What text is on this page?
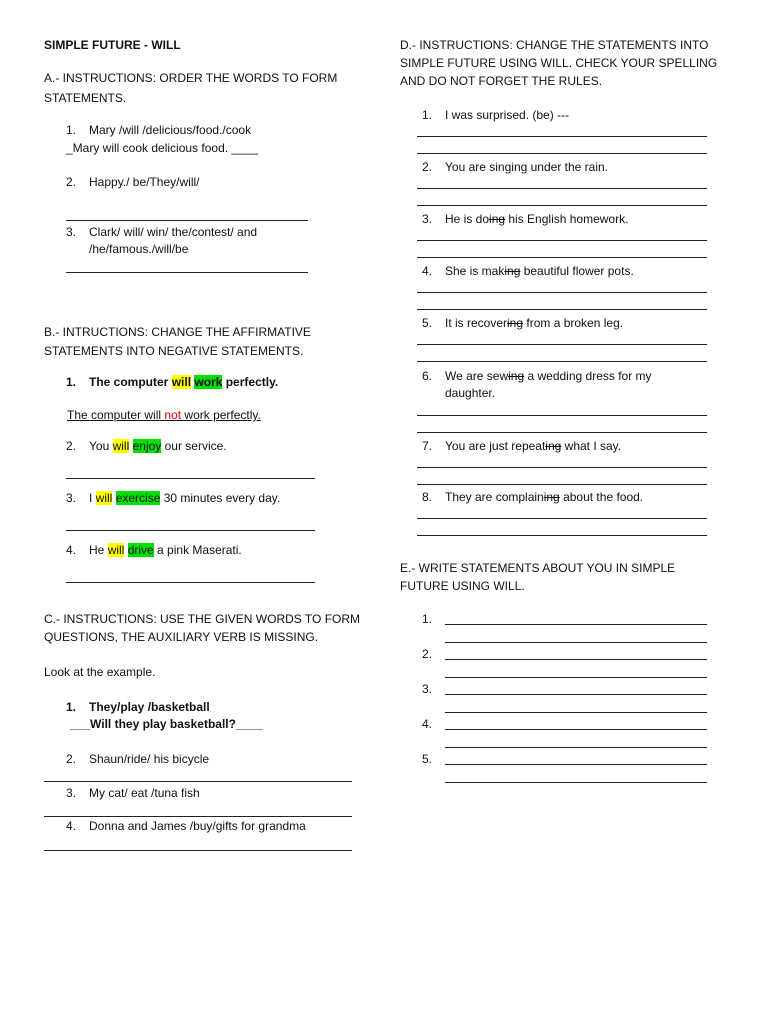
SIMPLE FUTURE - WILL
A.- INSTRUCTIONS: ORDER THE WORDS TO FORM
STATEMENTS.
1. Mary /will /delicious/food./cook
_Mary will cook delicious food. ____
2. Happy./ be/They/will/
3. Clark/ will/ win/ the/contest/ and
/he/famous./will/be
B.- INTRUCTIONS: CHANGE THE AFFIRMATIVE
STATEMENTS INTO NEGATIVE STATEMENTS.
1. The computer will work perfectly.
The computer will not work perfectly.
2. You will enjoy our service.
3. I will exercise 30 minutes every day.
4. He will drive a pink Maserati.
C.- INSTRUCTIONS: USE THE GIVEN WORDS TO FORM
QUESTIONS, THE AUXILIARY VERB IS MISSING.
Look at the example.
1. They/play /basketball
___Will they play basketball?____
2. Shaun/ride/ his bicycle
3. My cat/ eat /tuna fish
4. Donna and James /buy/gifts for grandma
D.- INSTRUCTIONS: CHANGE THE STATEMENTS INTO
SIMPLE FUTURE USING WILL. CHECK YOUR SPELLING
AND DO NOT FORGET THE RULES.
1. I was surprised. (be) ---
2. You are singing under the rain.
3. He is doing his English homework.
4. She is making beautiful flower pots.
5. It is recovering from a broken leg.
6. We are sewing a wedding dress for my
daughter.
7. You are just repeating what I say.
8. They are complaining about the food.
E.- WRITE STATEMENTS ABOUT YOU IN SIMPLE
FUTURE USING WILL.
1.
2.
3.
4.
5.
